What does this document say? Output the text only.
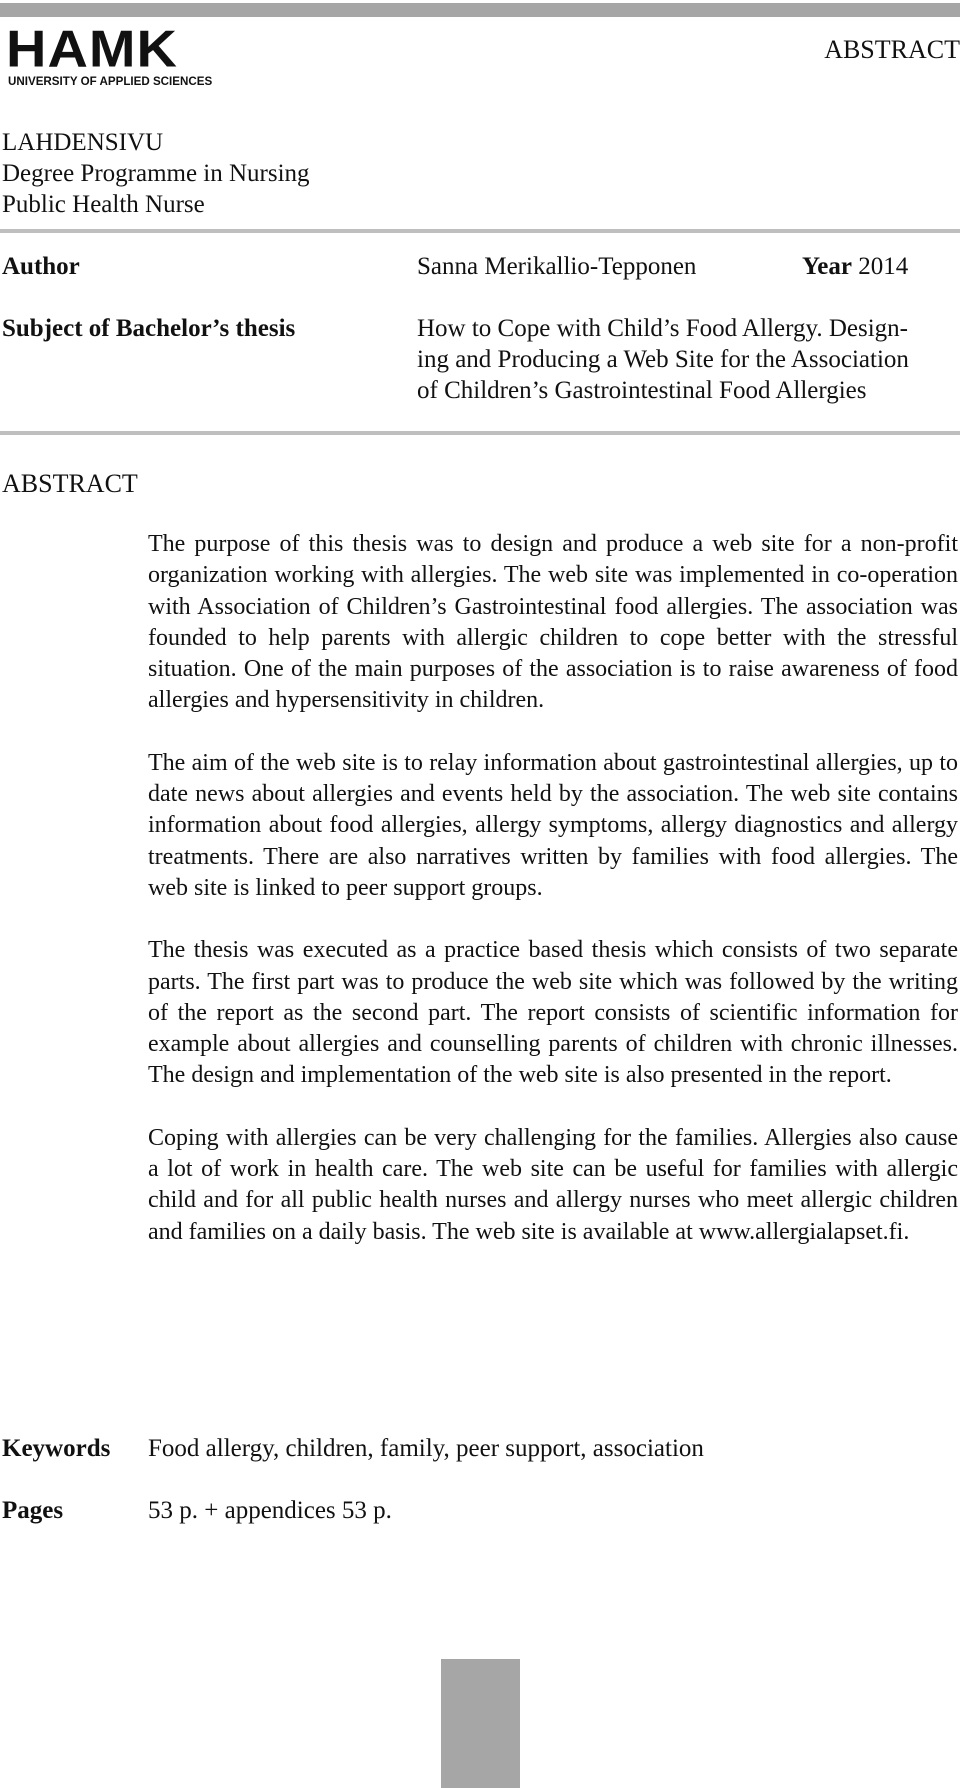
HAMK
UNIVERSITY OF APPLIED SCIENCES
ABSTRACT
LAHDENSIVU
Degree Programme in Nursing
Public Health Nurse
Author	Sanna Merikallio-Tepponen	Year 2014
Subject of Bachelor’s thesis	How to Cope with Child’s Food Allergy. Design-
ing and Producing a Web Site for the Association
of Children’s Gastrointestinal Food Allergies
ABSTRACT

The purpose of this thesis was to design and produce a web site for a non-profit organization working with allergies. The web site was implemented in co-operation with Association of Children’s Gastrointestinal food allergies. The association was founded to help parents with allergic children to cope better with the stressful situation. One of the main purposes of the association is to raise awareness of food allergies and hypersensitivity in children.

The aim of the web site is to relay information about gastrointestinal allergies, up to date news about allergies and events held by the association. The web site contains information about food allergies, allergy symptoms, allergy diagnostics and allergy treatments. There are also narratives written by families with food allergies. The web site is linked to peer support groups.

The thesis was executed as a practice based thesis which consists of two separate parts. The first part was to produce the web site which was followed by the writing of the report as the second part. The report consists of scientific information for example about allergies and counselling parents of children with chronic illnesses. The design and implementation of the web site is also presented in the report.

Coping with allergies can be very challenging for the families. Allergies also cause a lot of work in health care. The web site can be useful for families with allergic child and for all public health nurses and allergy nurses who meet allergic children and families on a daily basis. The web site is available at www.allergialapset.fi.

Keywords Food allergy, children, family, peer support, association
Pages	53 p. + appendices 53 p.
